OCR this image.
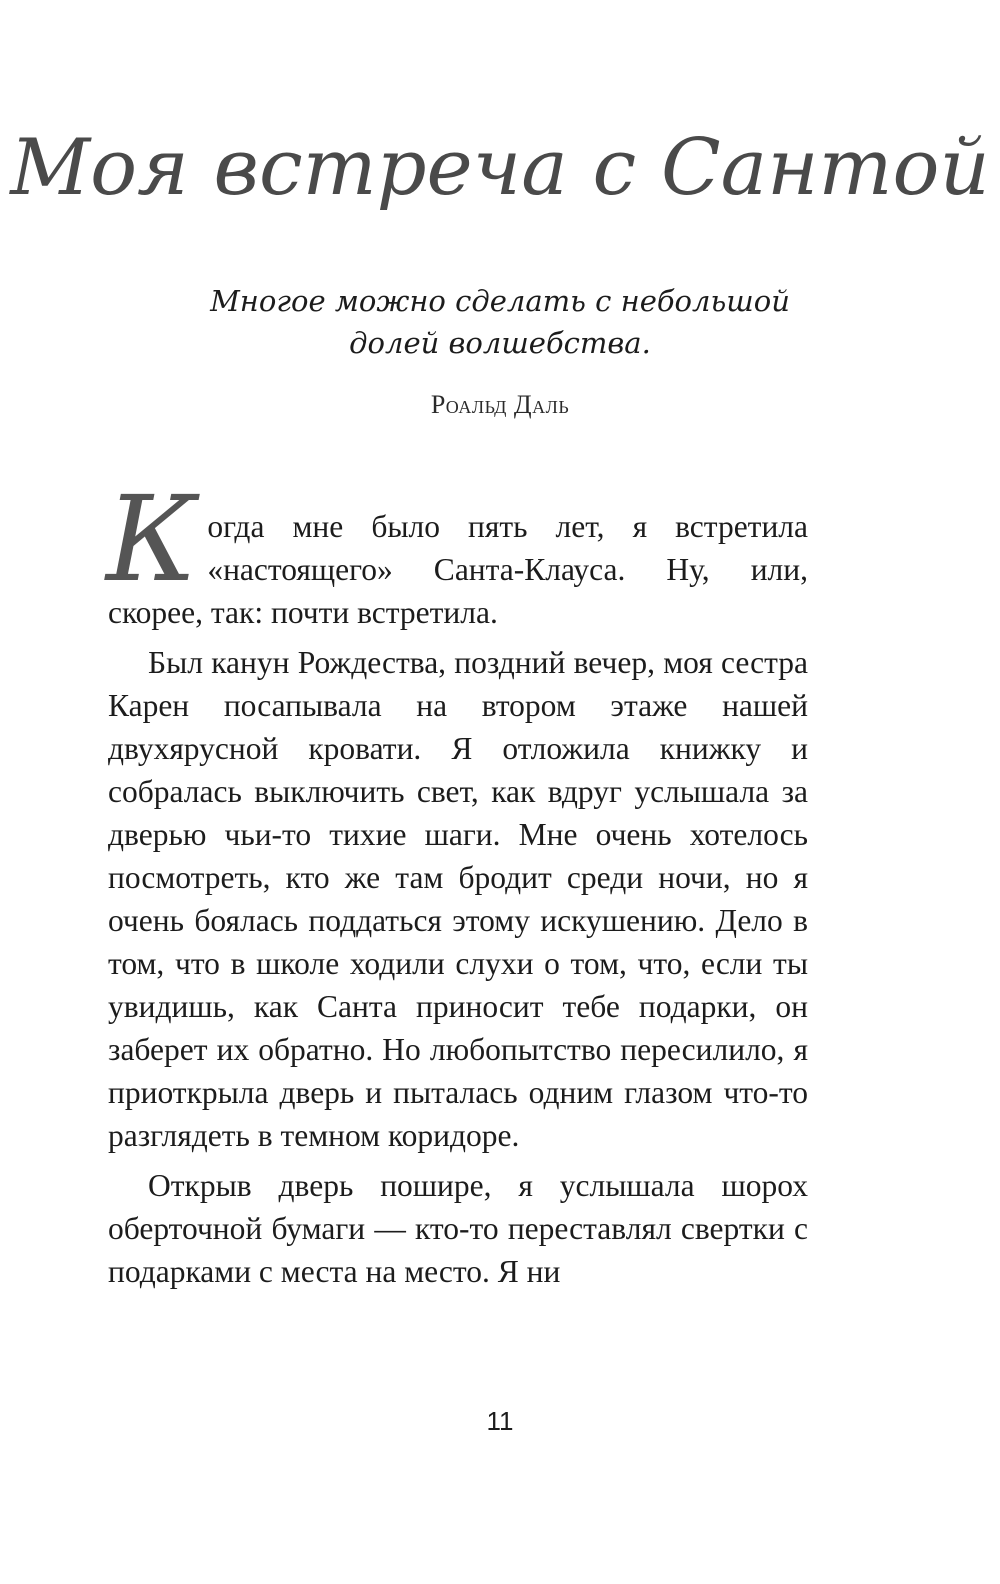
Моя встреча с Сантой
Многое можно сделать с небольшой долей волшебства.
Роальд Даль

Когда мне было пять лет, я встретила «настоящего» Санта-Клауса. Ну, или, скорее, так: почти встретила.

Был канун Рождества, поздний вечер, моя сестра Карен посапывала на втором этаже нашей двухярусной кровати. Я отложила книжку и собралась выключить свет, как вдруг услышала за дверью чьи-то тихие шаги. Мне очень хотелось посмотреть, кто же там бродит среди ночи, но я очень боялась поддаться этому искушению. Дело в том, что в школе ходили слухи о том, что, если ты увидишь, как Санта приносит тебе подарки, он заберет их обратно. Но любопытство пересилило, я приоткрыла дверь и пыталась одним глазом что-то разглядеть в темном коридоре.

Открыв дверь пошире, я услышала шорох оберточной бумаги — кто-то переставлял свертки с подарками с места на место. Я ни

11
